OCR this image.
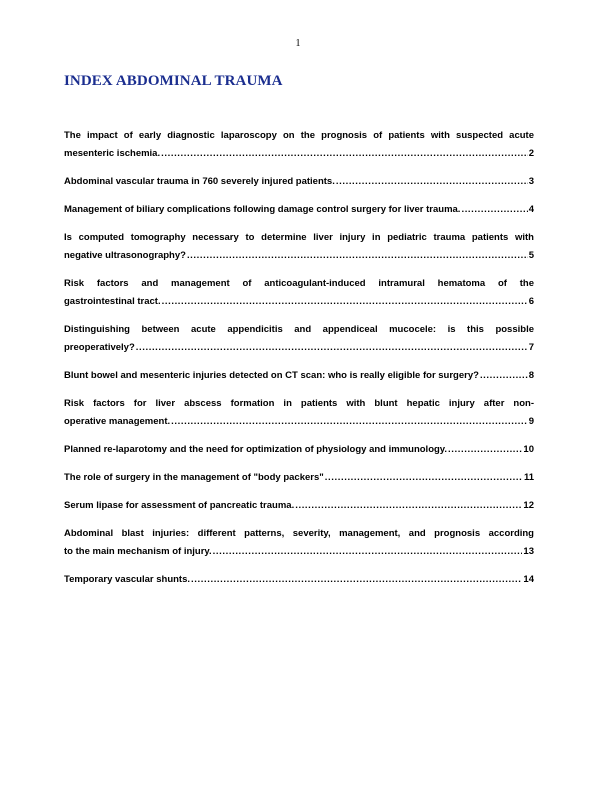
1
INDEX ABDOMINAL TRAUMA
The impact of early diagnostic laparoscopy on the prognosis of patients with suspected acute
mesenteric ischemia. .....	2
Abdominal vascular trauma in 760 severely injured patients. .....	3
Management of biliary complications following damage control surgery for liver trauma. .....	4
Is computed tomography necessary to determine liver injury in pediatric trauma patients with
negative ultrasonography? .....	5
Risk factors and management of anticoagulant-induced intramural hematoma of the
gastrointestinal tract. .....	6
Distinguishing between acute appendicitis and appendiceal mucocele: is this possible
preoperatively? .....	7
Blunt bowel and mesenteric injuries detected on CT scan: who is really eligible for surgery? .....	8
Risk factors for liver abscess formation in patients with blunt hepatic injury after non-
operative management. .....	9
Planned re-laparotomy and the need for optimization of physiology and immunology. .....	10
The role of surgery in the management of "body packers" .....	11
Serum lipase for assessment of pancreatic trauma. .....	12
Abdominal blast injuries: different patterns, severity, management, and prognosis according
to the main mechanism of injury. .....	13
Temporary vascular shunts. .....	14
